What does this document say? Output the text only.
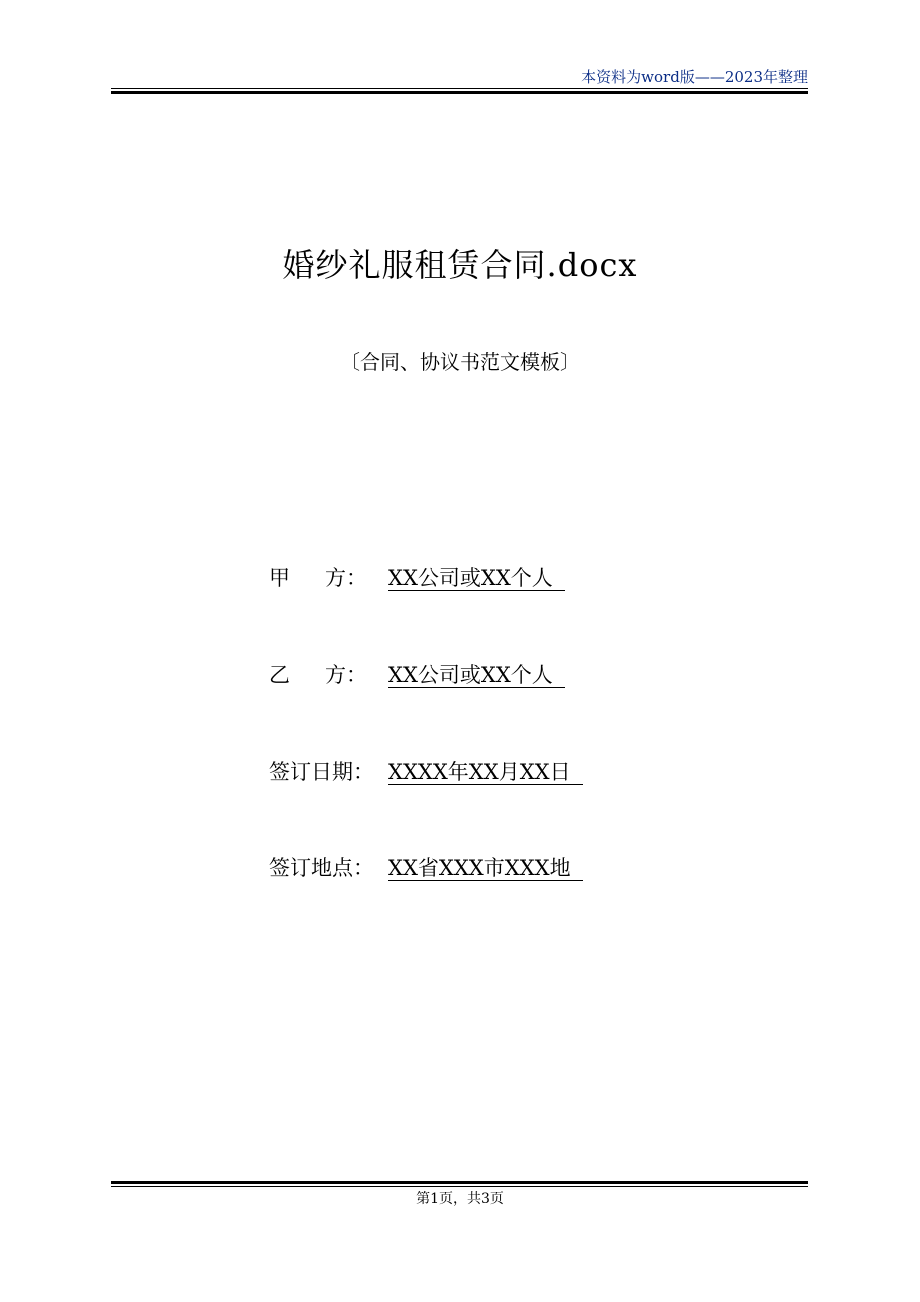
本资料为word版——2023年整理
婚纱礼服租赁合同.docx
〔合同、协议书范文模板〕
甲 方： XX公司或XX个人
乙 方： XX公司或XX个人
签订日期： XXXX年XX月XX日
签订地点： XX省XXX市XXX地
第1页，共3页
